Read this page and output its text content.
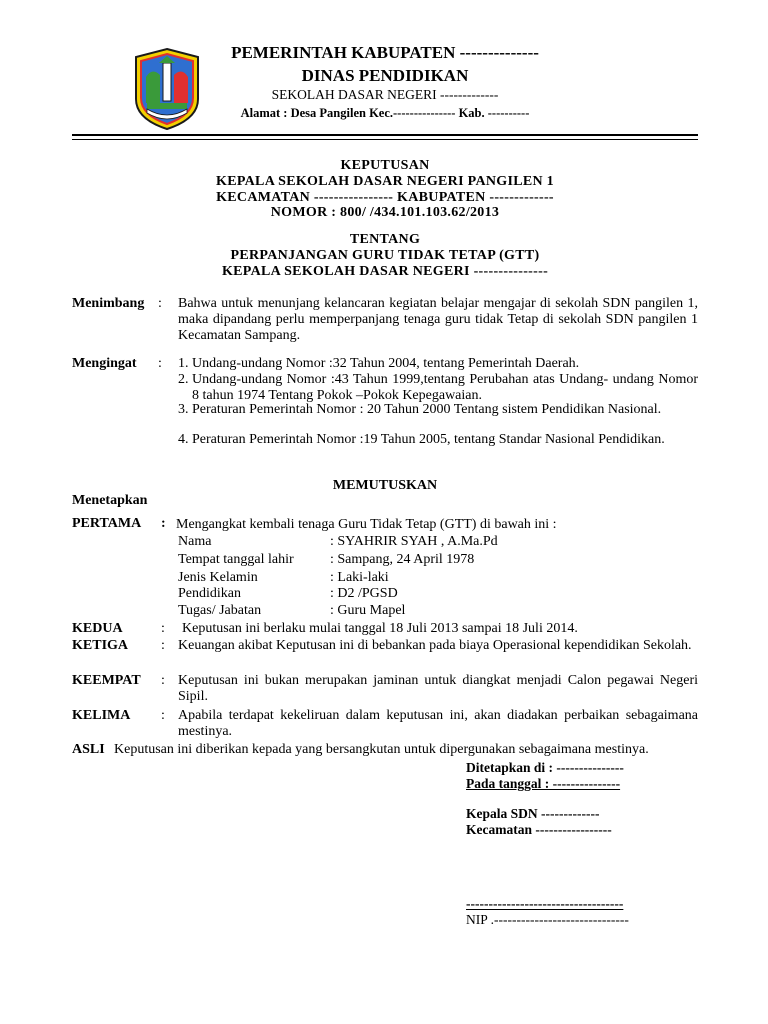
PEMERINTAH KABUPATEN --------------
DINAS PENDIDIKAN
SEKOLAH DASAR NEGERI -------------
Alamat : Desa Pangilen Kec.--------------- Kab. ----------
KEPUTUSAN
KEPALA SEKOLAH DASAR NEGERI PANGILEN 1
KECAMATAN ---------------- KABUPATEN -------------
NOMOR : 800/ /434.101.103.62/2013
TENTANG
PERPANJANGAN GURU TIDAK TETAP (GTT)
KEPALA SEKOLAH DASAR NEGERI ---------------
Menimbang : Bahwa untuk menunjang kelancaran kegiatan belajar mengajar di sekolah SDN pangilen 1, maka dipandang perlu memperpanjang tenaga guru tidak Tetap di sekolah SDN pangilen 1 Kecamatan Sampang.
Mengingat : 1. Undang-undang Nomor :32 Tahun 2004, tentang Pemerintah Daerah.
2. Undang-undang Nomor :43 Tahun 1999,tentang Perubahan atas Undang- undang Nomor 8 tahun 1974 Tentang Pokok –Pokok Kepegawaian.
3. Peraturan Pemerintah Nomor : 20 Tahun 2000 Tentang sistem Pendidikan Nasional.
4. Peraturan Pemerintah Nomor :19 Tahun 2005, tentang Standar Nasional Pendidikan.
MEMUTUSKAN
Menetapkan
PERTAMA : Mengangkat kembali tenaga Guru Tidak Tetap (GTT) di bawah ini :
Nama	: SYAHRIR SYAH , A.Ma.Pd
Tempat tanggal lahir	: Sampang, 24 April 1978
Jenis Kelamin	: Laki-laki
Pendidikan	: D2 /PGSD
Tugas/ Jabatan	: Guru Mapel
KEDUA	: Keputusan ini berlaku mulai tanggal 18 Juli 2013 sampai 18 Juli 2014.
KETIGA : Keuangan akibat Keputusan ini di bebankan pada biaya Operasional kependidikan Sekolah.
KEEMPAT : Keputusan ini bukan merupakan jaminan untuk diangkat menjadi Calon pegawai Negeri Sipil.
KELIMA : Apabila terdapat kekeliruan dalam keputusan ini, akan diadakan perbaikan sebagaimana mestinya.
ASLI Keputusan ini diberikan kepada yang bersangkutan untuk dipergunakan sebagaimana mestinya.
Ditetapkan di : ---------------
Pada tanggal : ---------------
Kepala SDN -------------
Kecamatan -----------------
-----------------------------------
NIP .------------------------------
